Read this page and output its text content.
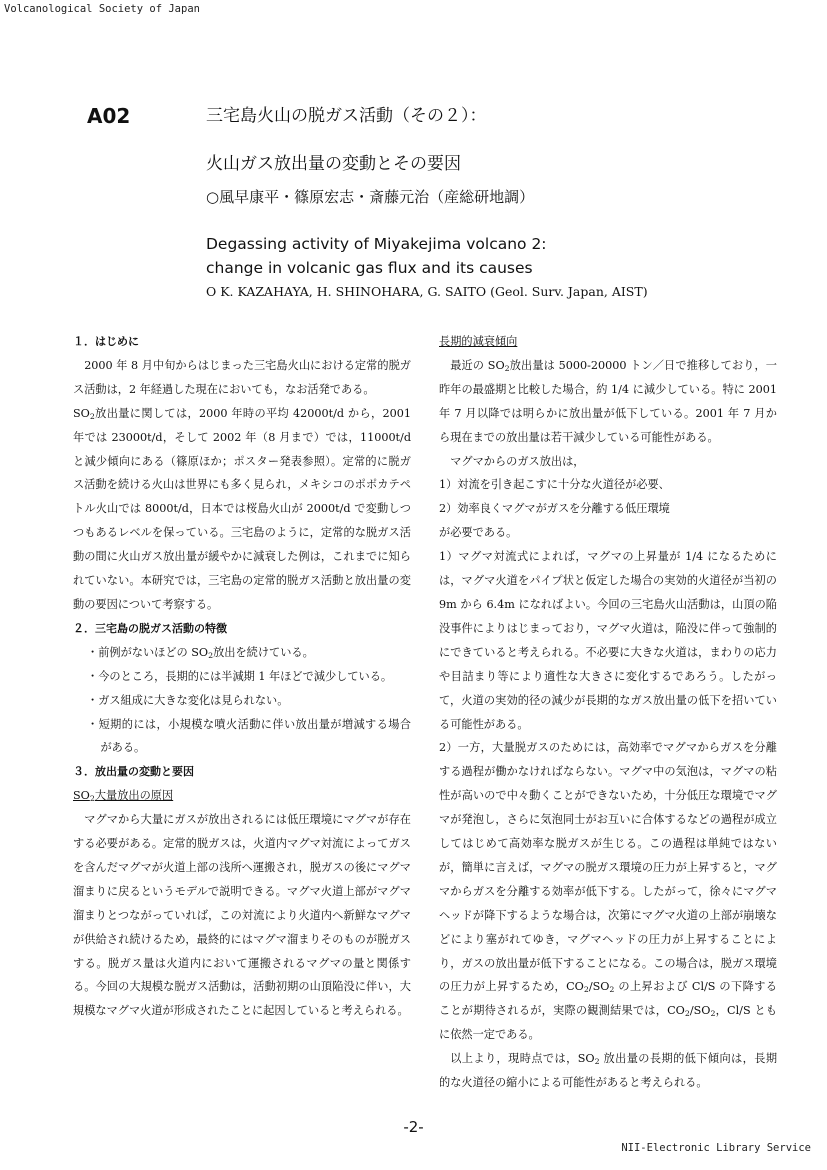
Volcanological Society of Japan
A02	三宅島火山の脱ガス活動（その２）：
火山ガス放出量の変動とその要因
○風早康平・篠原宏志・斎藤元治（産総研地調）
Degassing activity of Miyakejima volcano 2:
change in volcanic gas flux and its causes
O K. KAZAHAYA, H. SHINOHARA, G. SAITO (Geol. Surv. Japan, AIST)

１．はじめに

2000 年 8 月中旬からはじまった三宅島火山における定常的脱ガス活動は，2 年経過した現在においても，なお活発である。

$SO_2$放出量に関しては，2000 年時の平均 42000t/d から，2001 年では 23000t/d，そして 2002 年（8 月まで）では，11000t/d と減少傾向にある（篠原ほか；ポスター発表参照）。定常的に脱ガス活動を続ける火山は世界にも多く見られ，メキシコのポポカテペトル火山では 8000t/d，日本では桜島火山が 2000t/d で変動しつつもあるレベルを保っている。三宅島のように，定常的な脱ガス活動の間に火山ガス放出量が緩やかに減衰した例は，これまでに知られていない。本研究では，三宅島の定常的脱ガス活動と放出量の変動の要因について考察する。

２．三宅島の脱ガス活動の特徴

・前例がないほどの $SO_2$放出を続けている。
・今のところ，長期的には半減期 1 年ほどで減少している。
・ガス組成に大きな変化は見られない。
・短期的には，小規模な噴火活動に伴い放出量が増減する場合がある。

３．放出量の変動と要因

$SO_2$大量放出の原因

マグマから大量にガスが放出されるには低圧環境にマグマが存在する必要がある。定常的脱ガスは，火道内マグマ対流によってガスを含んだマグマが火道上部の浅所へ運搬され，脱ガスの後にマグマ溜まりに戻るというモデルで説明できる。マグマ火道上部がマグマ溜まりとつながっていれば，この対流により火道内へ新鮮なマグマが供給され続けるため，最終的にはマグマ溜まりそのものが脱ガスする。脱ガス量は火道内において運搬されるマグマの量と関係する。今回の大規模な脱ガス活動は，活動初期の山頂陥没に伴い，大規模なマグマ火道が形成されたことに起因していると考えられる。

長期的減衰傾向

最近の $SO_2$放出量は 5000-20000 トン／日で推移しており，一昨年の最盛期と比較した場合，約 1/4 に減少している。特に 2001 年 7 月以降では明らかに放出量が低下している。2001 年 7 月から現在までの放出量は若干減少している可能性がある。

マグマからのガス放出は，

1）対流を引き起こすに十分な火道径が必要、

2）効率良くマグマがガスを分離する低圧環境

が必要である。

1）マグマ対流式によれば，マグマの上昇量が 1/4 になるためには，マグマ火道をパイプ状と仮定した場合の実効的火道径が当初の 9m から 6.4m になればよい。今回の三宅島火山活動は，山頂の陥没事件によりはじまっており，マグマ火道は，陥没に伴って強制的にできていると考えられる。不必要に大きな火道は，まわりの応力や目詰まり等により適性な大きさに変化するであろう。したがって，火道の実効的径の減少が長期的なガス放出量の低下を招いている可能性がある。

2）一方，大量脱ガスのためには，高効率でマグマからガスを分離する過程が働かなければならない。マグマ中の気泡は，マグマの粘性が高いので中々動くことができないため，十分低圧な環境でマグマが発泡し，さらに気泡同士がお互いに合体するなどの過程が成立してはじめて高効率な脱ガスが生じる。この過程は単純ではないが，簡単に言えば，マグマの脱ガス環境の圧力が上昇すると，マグマからガスを分離する効率が低下する。したがって，徐々にマグマヘッドが降下するような場合は，次第にマグマ火道の上部が崩壊などにより塞がれてゆき，マグマヘッドの圧力が上昇することにより，ガスの放出量が低下することになる。この場合は，脱ガス環境の圧力が上昇するため，$CO_2/SO_2$ の上昇および Cl/S の下降することが期待されるが，実際の観測結果では，$CO_2/SO_2$，Cl/S ともに依然一定である。

以上より，現時点では，$SO_2$ 放出量の長期的低下傾向は，長期的な火道径の縮小による可能性があると考えられる。

-2-
NII-Electronic Library Service
